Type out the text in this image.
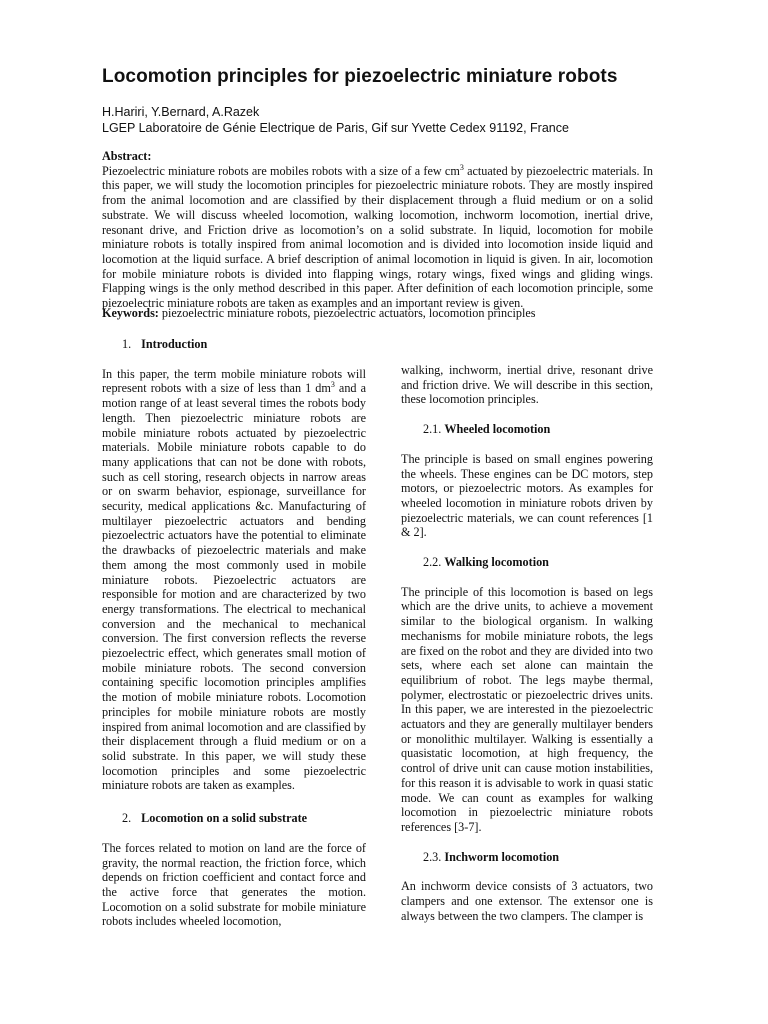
Locomotion principles for piezoelectric miniature robots

H.Hariri, Y.Bernard, A.Razek

LGEP Laboratoire de Génie Electrique de Paris, Gif sur Yvette Cedex 91192, France

Abstract:
Piezoelectric miniature robots are mobiles robots with a size of a few $cm^3$ actuated by piezoelectric materials. In this paper, we will study the locomotion principles for piezoelectric miniature robots. They are mostly inspired from the animal locomotion and are classified by their displacement through a fluid medium or on a solid substrate. We will discuss wheeled locomotion, walking locomotion, inchworm locomotion, inertial drive, resonant drive, and Friction drive as locomotion’s on a solid substrate. In liquid, locomotion for mobile miniature robots is totally inspired from animal locomotion and is divided into locomotion inside liquid and locomotion at the liquid surface. A brief description of animal locomotion in liquid is given. In air, locomotion for mobile miniature robots is divided into flapping wings, rotary wings, fixed wings and gliding wings. Flapping wings is the only method described in this paper. After definition of each locomotion principle, some piezoelectric miniature robots are taken as examples and an important review is given.

Keywords: piezoelectric miniature robots, piezoelectric actuators, locomotion principles

1. Introduction

In this paper, the term mobile miniature robots will represent robots with a size of less than 1 $dm^3$ and a motion range of at least several times the robots body length. Then piezoelectric miniature robots are mobile miniature robots actuated by piezoelectric materials. Mobile miniature robots capable to do many applications that can not be done with robots, such as cell storing, research objects in narrow areas or on swarm behavior, espionage, surveillance for security, medical applications &c. Manufacturing of multilayer piezoelectric actuators and bending piezoelectric actuators have the potential to eliminate the drawbacks of piezoelectric materials and make them among the most commonly used in mobile miniature robots. Piezoelectric actuators are responsible for motion and are characterized by two energy transformations. The electrical to mechanical conversion and the mechanical to mechanical conversion. The first conversion reflects the reverse piezoelectric effect, which generates small motion of mobile miniature robots. The second conversion containing specific locomotion principles amplifies the motion of mobile miniature robots. Locomotion principles for mobile miniature robots are mostly inspired from animal locomotion and are classified by their displacement through a fluid medium or on a solid substrate. In this paper, we will study these locomotion principles and some piezoelectric miniature robots are taken as examples.

2. Locomotion on a solid substrate

The forces related to motion on land are the force of gravity, the normal reaction, the friction force, which depends on friction coefficient and contact force and the active force that generates the motion. Locomotion on a solid substrate for mobile miniature robots includes wheeled locomotion,

walking, inchworm, inertial drive, resonant drive and friction drive. We will describe in this section, these locomotion principles.

2.1. Wheeled locomotion

The principle is based on small engines powering the wheels. These engines can be DC motors, step motors, or piezoelectric motors. As examples for wheeled locomotion in miniature robots driven by piezoelectric materials, we can count references [1 & 2].

2.2. Walking locomotion

The principle of this locomotion is based on legs which are the drive units, to achieve a movement similar to the biological organism. In walking mechanisms for mobile miniature robots, the legs are fixed on the robot and they are divided into two sets, where each set alone can maintain the equilibrium of robot. The legs maybe thermal, polymer, electrostatic or piezoelectric drives units. In this paper, we are interested in the piezoelectric actuators and they are generally multilayer benders or monolithic multilayer. Walking is essentially a quasistatic locomotion, at high frequency, the control of drive unit can cause motion instabilities, for this reason it is advisable to work in quasi static mode. We can count as examples for walking locomotion in piezoelectric miniature robots references [3-7].

2.3. Inchworm locomotion

An inchworm device consists of 3 actuators, two clampers and one extensor. The extensor one is always between the two clampers. The clamper is
